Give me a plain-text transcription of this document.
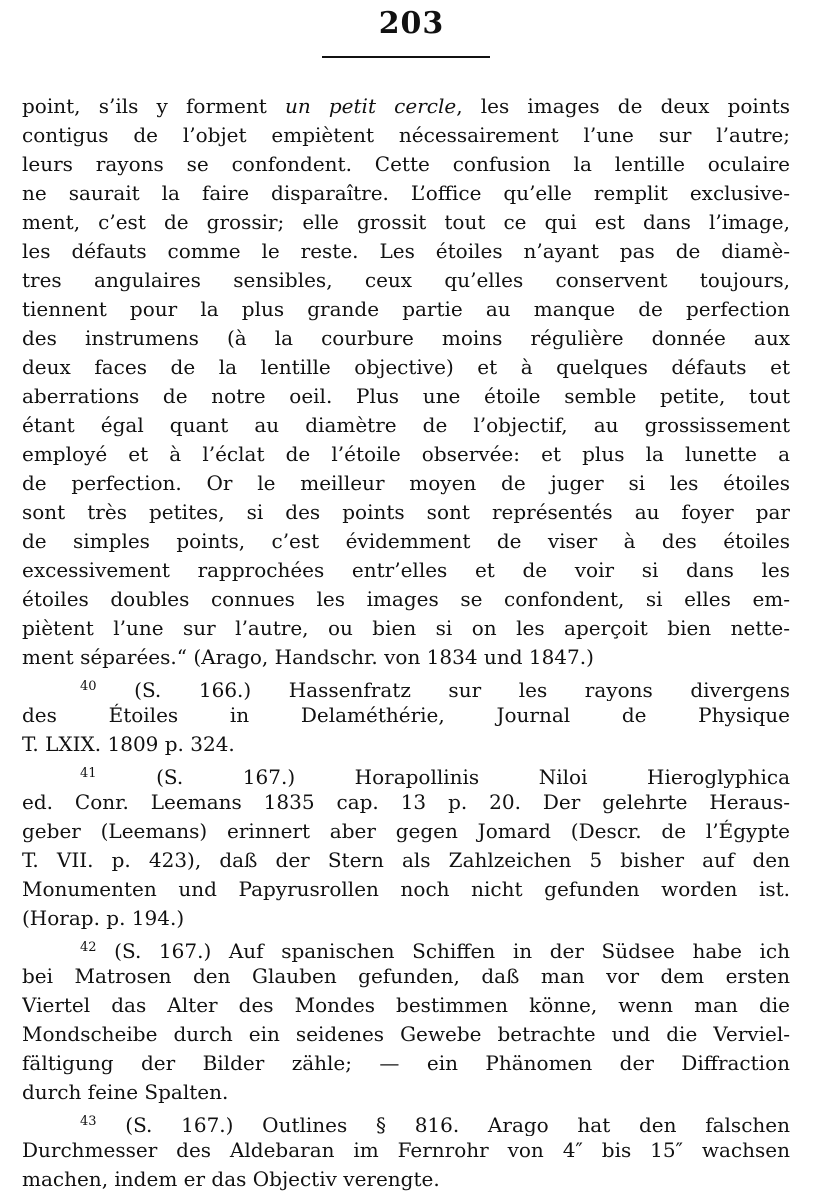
203
point, s’ils y forment un petit cercle, les images de deux points
contigus de l’objet empiètent nécessairement l’une sur l’autre;
leurs rayons se confondent. Cette confusion la lentille oculaire
ne saurait la faire disparaître. L’office qu’elle remplit exclusive-
ment, c’est de grossir; elle grossit tout ce qui est dans l’image,
les défauts comme le reste. Les étoiles n’ayant pas de diamè-
tres angulaires sensibles, ceux qu’elles conservent toujours,
tiennent pour la plus grande partie au manque de perfection
des instrumens (à la courbure moins régulière donnée aux
deux faces de la lentille objective) et à quelques défauts et
aberrations de notre oeil. Plus une étoile semble petite, tout
étant égal quant au diamètre de l’objectif, au grossissement
employé et à l’éclat de l’étoile observée: et plus la lunette a
de perfection. Or le meilleur moyen de juger si les étoiles
sont très petites, si des points sont représentés au foyer par
de simples points, c’est évidemment de viser à des étoiles
excessivement rapprochées entr’elles et de voir si dans les
étoiles doubles connues les images se confondent, si elles em-
piètent l’une sur l’autre, ou bien si on les aperçoit bien nette-
ment séparées.“ (Arago, Handschr. von 1834 und 1847.)
$^{40}$ (S. 166.) Hassenfratz sur les rayons divergens
des Étoiles in Delaméthérie, Journal de Physique
T. LXIX. 1809 p. 324.
$^{41}$	(S. 167.) Horapollinis Niloi Hieroglyphica
ed. Conr. Leemans 1835 cap. 13 p. 20. Der gelehrte Heraus-
geber (Leemans) erinnert aber gegen Jomard (Descr. de l’Égypte
T. VII. p. 423), daß der Stern als Zahlzeichen 5 bisher auf den
Monumenten und Papyrusrollen noch nicht gefunden worden ist.
(Horap. p. 194.)
$^{42}$ (S. 167.) Auf spanischen Schiffen in der Südsee habe ich
bei Matrosen den Glauben gefunden, daß man vor dem ersten
Viertel das Alter des Mondes bestimmen könne, wenn man die
Mondscheibe durch ein seidenes Gewebe betrachte und die Verviel-
fältigung der Bilder zähle; — ein Phänomen der Diffraction
durch feine Spalten.
$^{43}$ (S. 167.) Outlines § 816. Arago hat den falschen
Durchmesser des Aldebaran im Fernrohr von 4″ bis 15″ wachsen
machen, indem er das Objectiv verengte.
